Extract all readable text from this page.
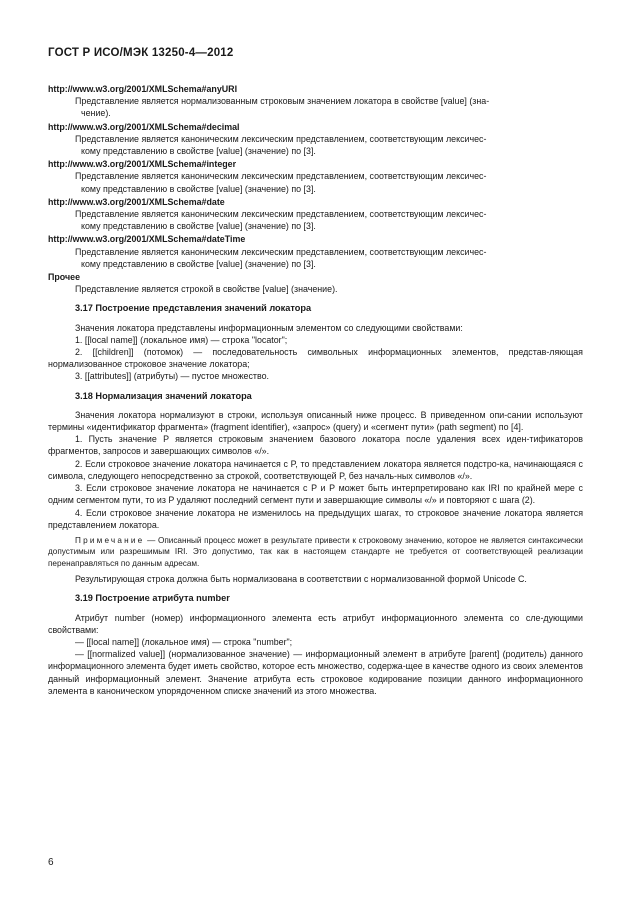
ГОСТ Р ИСО/МЭК 13250-4—2012
http://www.w3.org/2001/XMLSchema#anyURI
Представление является нормализованным строковым значением локатора в свойстве [value] (зна-
чение).
http://www.w3.org/2001/XMLSchema#decimal
Представление является каноническим лексическим представлением, соответствующим лексичес-
кому представлению в свойстве [value] (значение) по [3].
http://www.w3.org/2001/XMLSchema#integer
Представление является каноническим лексическим представлением, соответствующим лексичес-
кому представлению в свойстве [value] (значение) по [3].
http://www.w3.org/2001/XMLSchema#date
Представление является каноническим лексическим представлением, соответствующим лексичес-
кому представлению в свойстве [value] (значение) по [3].
http://www.w3.org/2001/XMLSchema#dateTime
Представление является каноническим лексическим представлением, соответствующим лексичес-
кому представлению в свойстве [value] (значение) по [3].
Прочее
Представление является строкой в свойстве [value] (значение).
3.17 Построение представления значений локатора
Значения локатора представлены информационным элементом со следующими свойствами:
1. [[local name]] (локальное имя) — строка "locator";
2. [[children]] (потомок) — последовательность символьных информационных элементов, представ-ляющая нормализованное строковое значение локатора;
3. [[attributes]] (атрибуты) — пустое множество.
3.18 Нормализация значений локатора
Значения локатора нормализуют в строки, используя описанный ниже процесс. В приведенном опи-сании используют термины «идентификатор фрагмента» (fragment identifier), «запрос» (query) и «сегмент пути» (path segment) по [4].
1. Пусть значение P является строковым значением базового локатора после удаления всех иден-тификаторов фрагментов, запросов и завершающих символов «/».
2. Если строковое значение локатора начинается с P, то представлением локатора является подстро-ка, начинающаяся с символа, следующего непосредственно за строкой, соответствующей P, без началь-ных символов «/».
3. Если строковое значение локатора не начинается с P и P может быть интерпретировано как IRI по крайней мере с одним сегментом пути, то из P удаляют последний сегмент пути и завершающие символы «/» и повторяют с шага (2).
4. Если строковое значение локатора не изменилось на предыдущих шагах, то строковое значение локатора является представлением локатора.
Примечание — Описанный процесс может в результате привести к строковому значению, которое не является синтаксически допустимым или разрешимым IRI. Это допустимо, так как в настоящем стандарте не требуется от соответствующей реализации перенаправляться по данным адресам.
Результирующая строка должна быть нормализована в соответствии с нормализованной формой Unicode C.
3.19 Построение атрибута number
Атрибут number (номер) информационного элемента есть атрибут информационного элемента со сле-дующими свойствами:
— [[local name]] (локальное имя) — строка "number";
— [[normalized value]] (нормализованное значение) — информационный элемент в атрибуте [parent] (родитель) данного информационного элемента будет иметь свойство, которое есть множество, содержа-щее в качестве одного из своих элементов данный информационный элемент. Значение атрибута есть строковое кодирование позиции данного информационного элемента в каноническом упорядоченном списке значений из этого множества.
6
